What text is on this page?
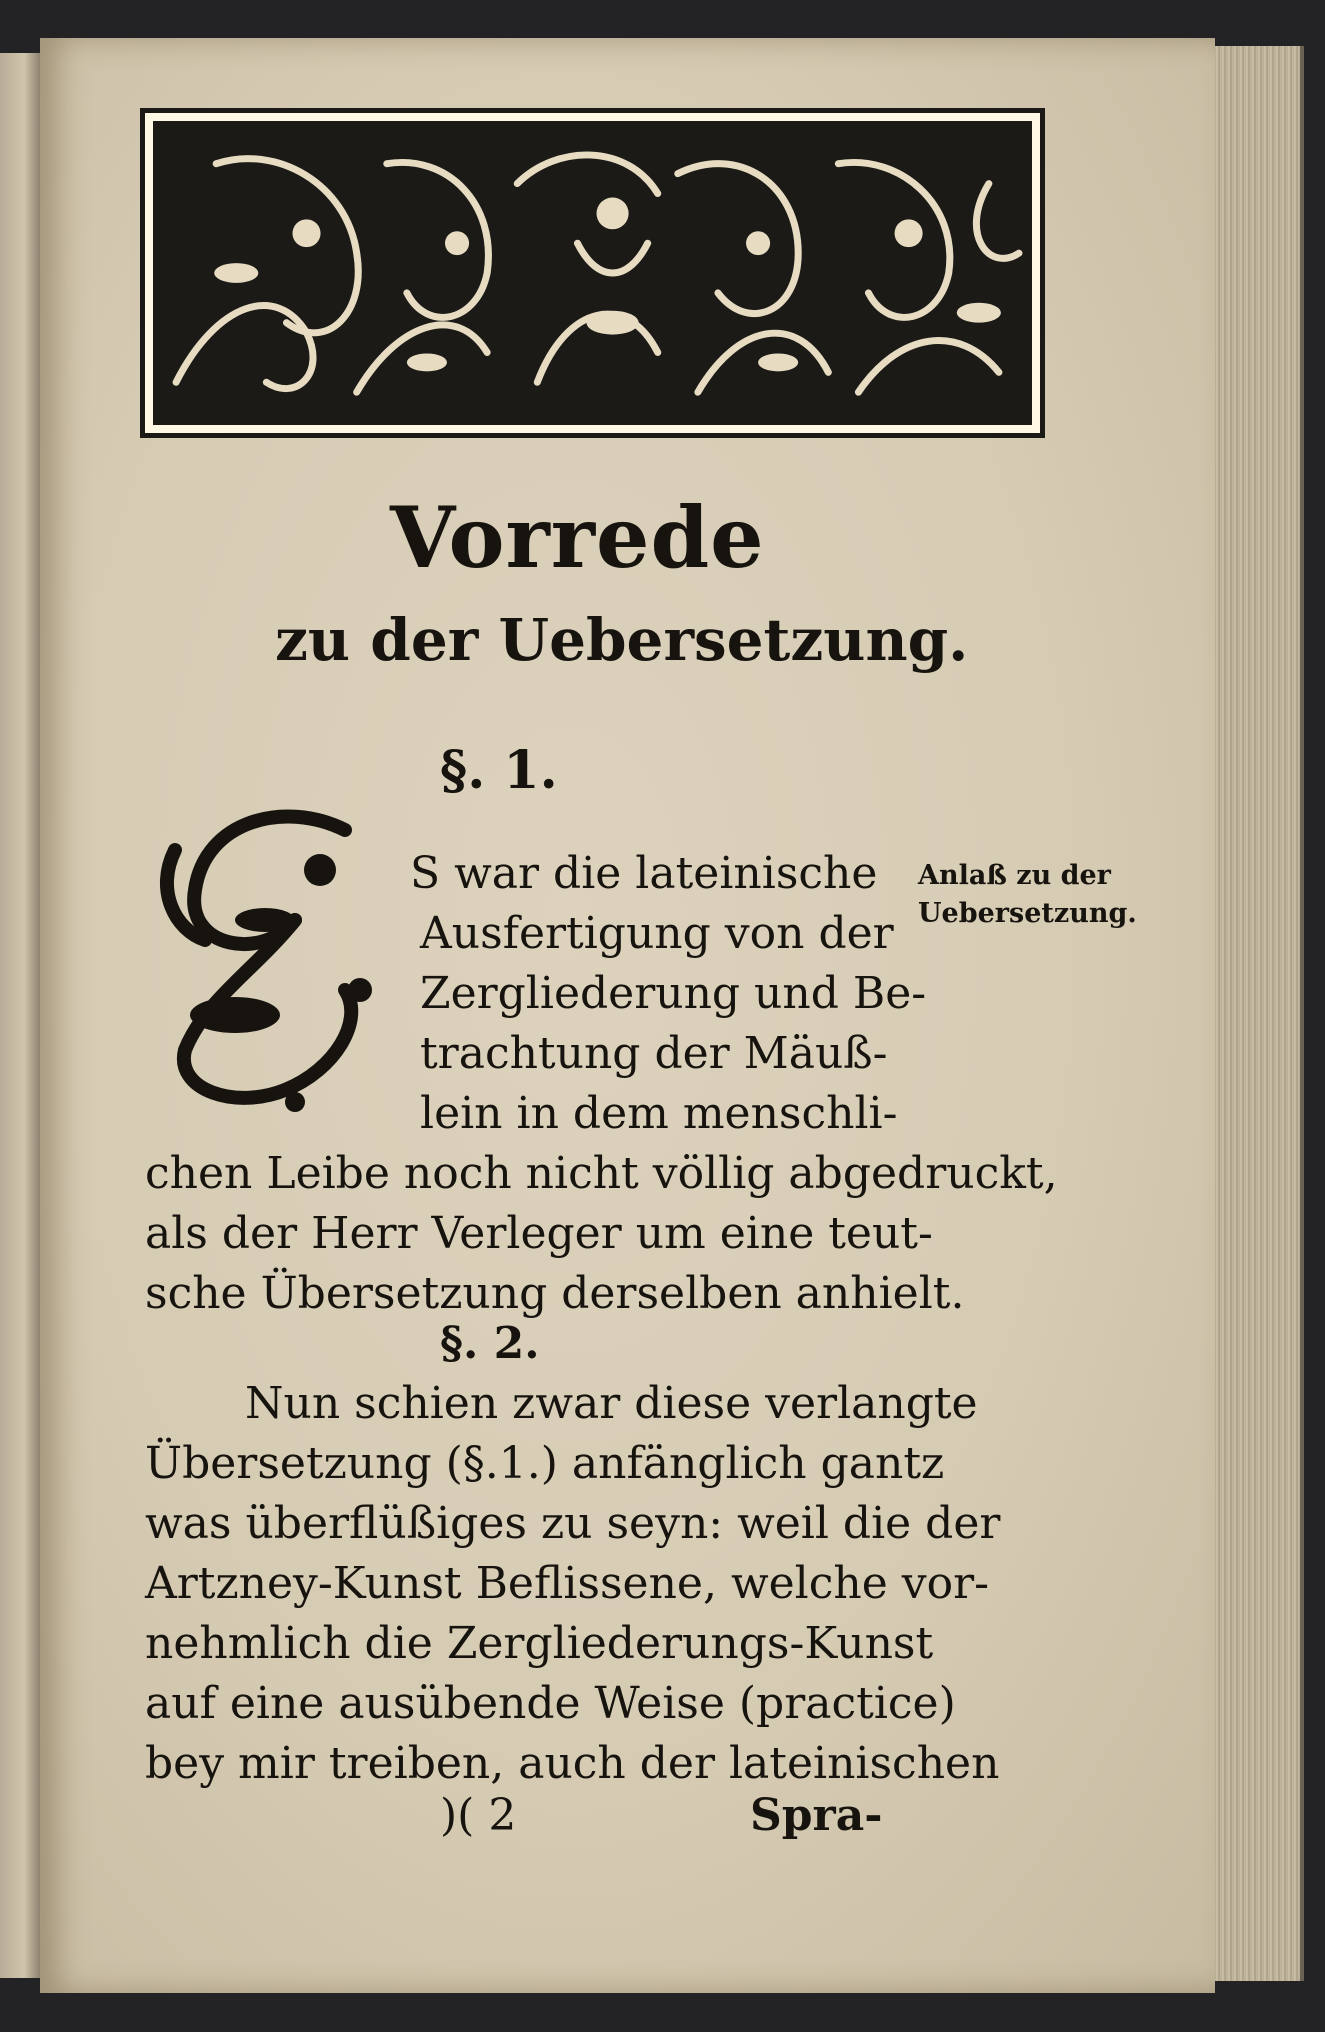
Vorrede
zu der Uebersetzung.
§. 1.
S war die lateinische
Ausfertigung von der
Zergliederung und Be-
trachtung der Mäuß-
lein in dem menschli-
chen Leibe noch nicht völlig abgedruckt,
als der Herr Verleger um eine teut-
sche Übersetzung derselben anhielt.
Anlaß zu der
Uebersetzung.
§. 2.
Nun schien zwar diese verlangte
Übersetzung (§.1.) anfänglich gantz
was überflüßiges zu seyn: weil die der
Artzney-Kunst Beflissene, welche vor-
nehmlich die Zergliederungs-Kunst
auf eine ausübende Weise (practice)
bey mir treiben, auch der lateinischen
)( 2	Spra-
